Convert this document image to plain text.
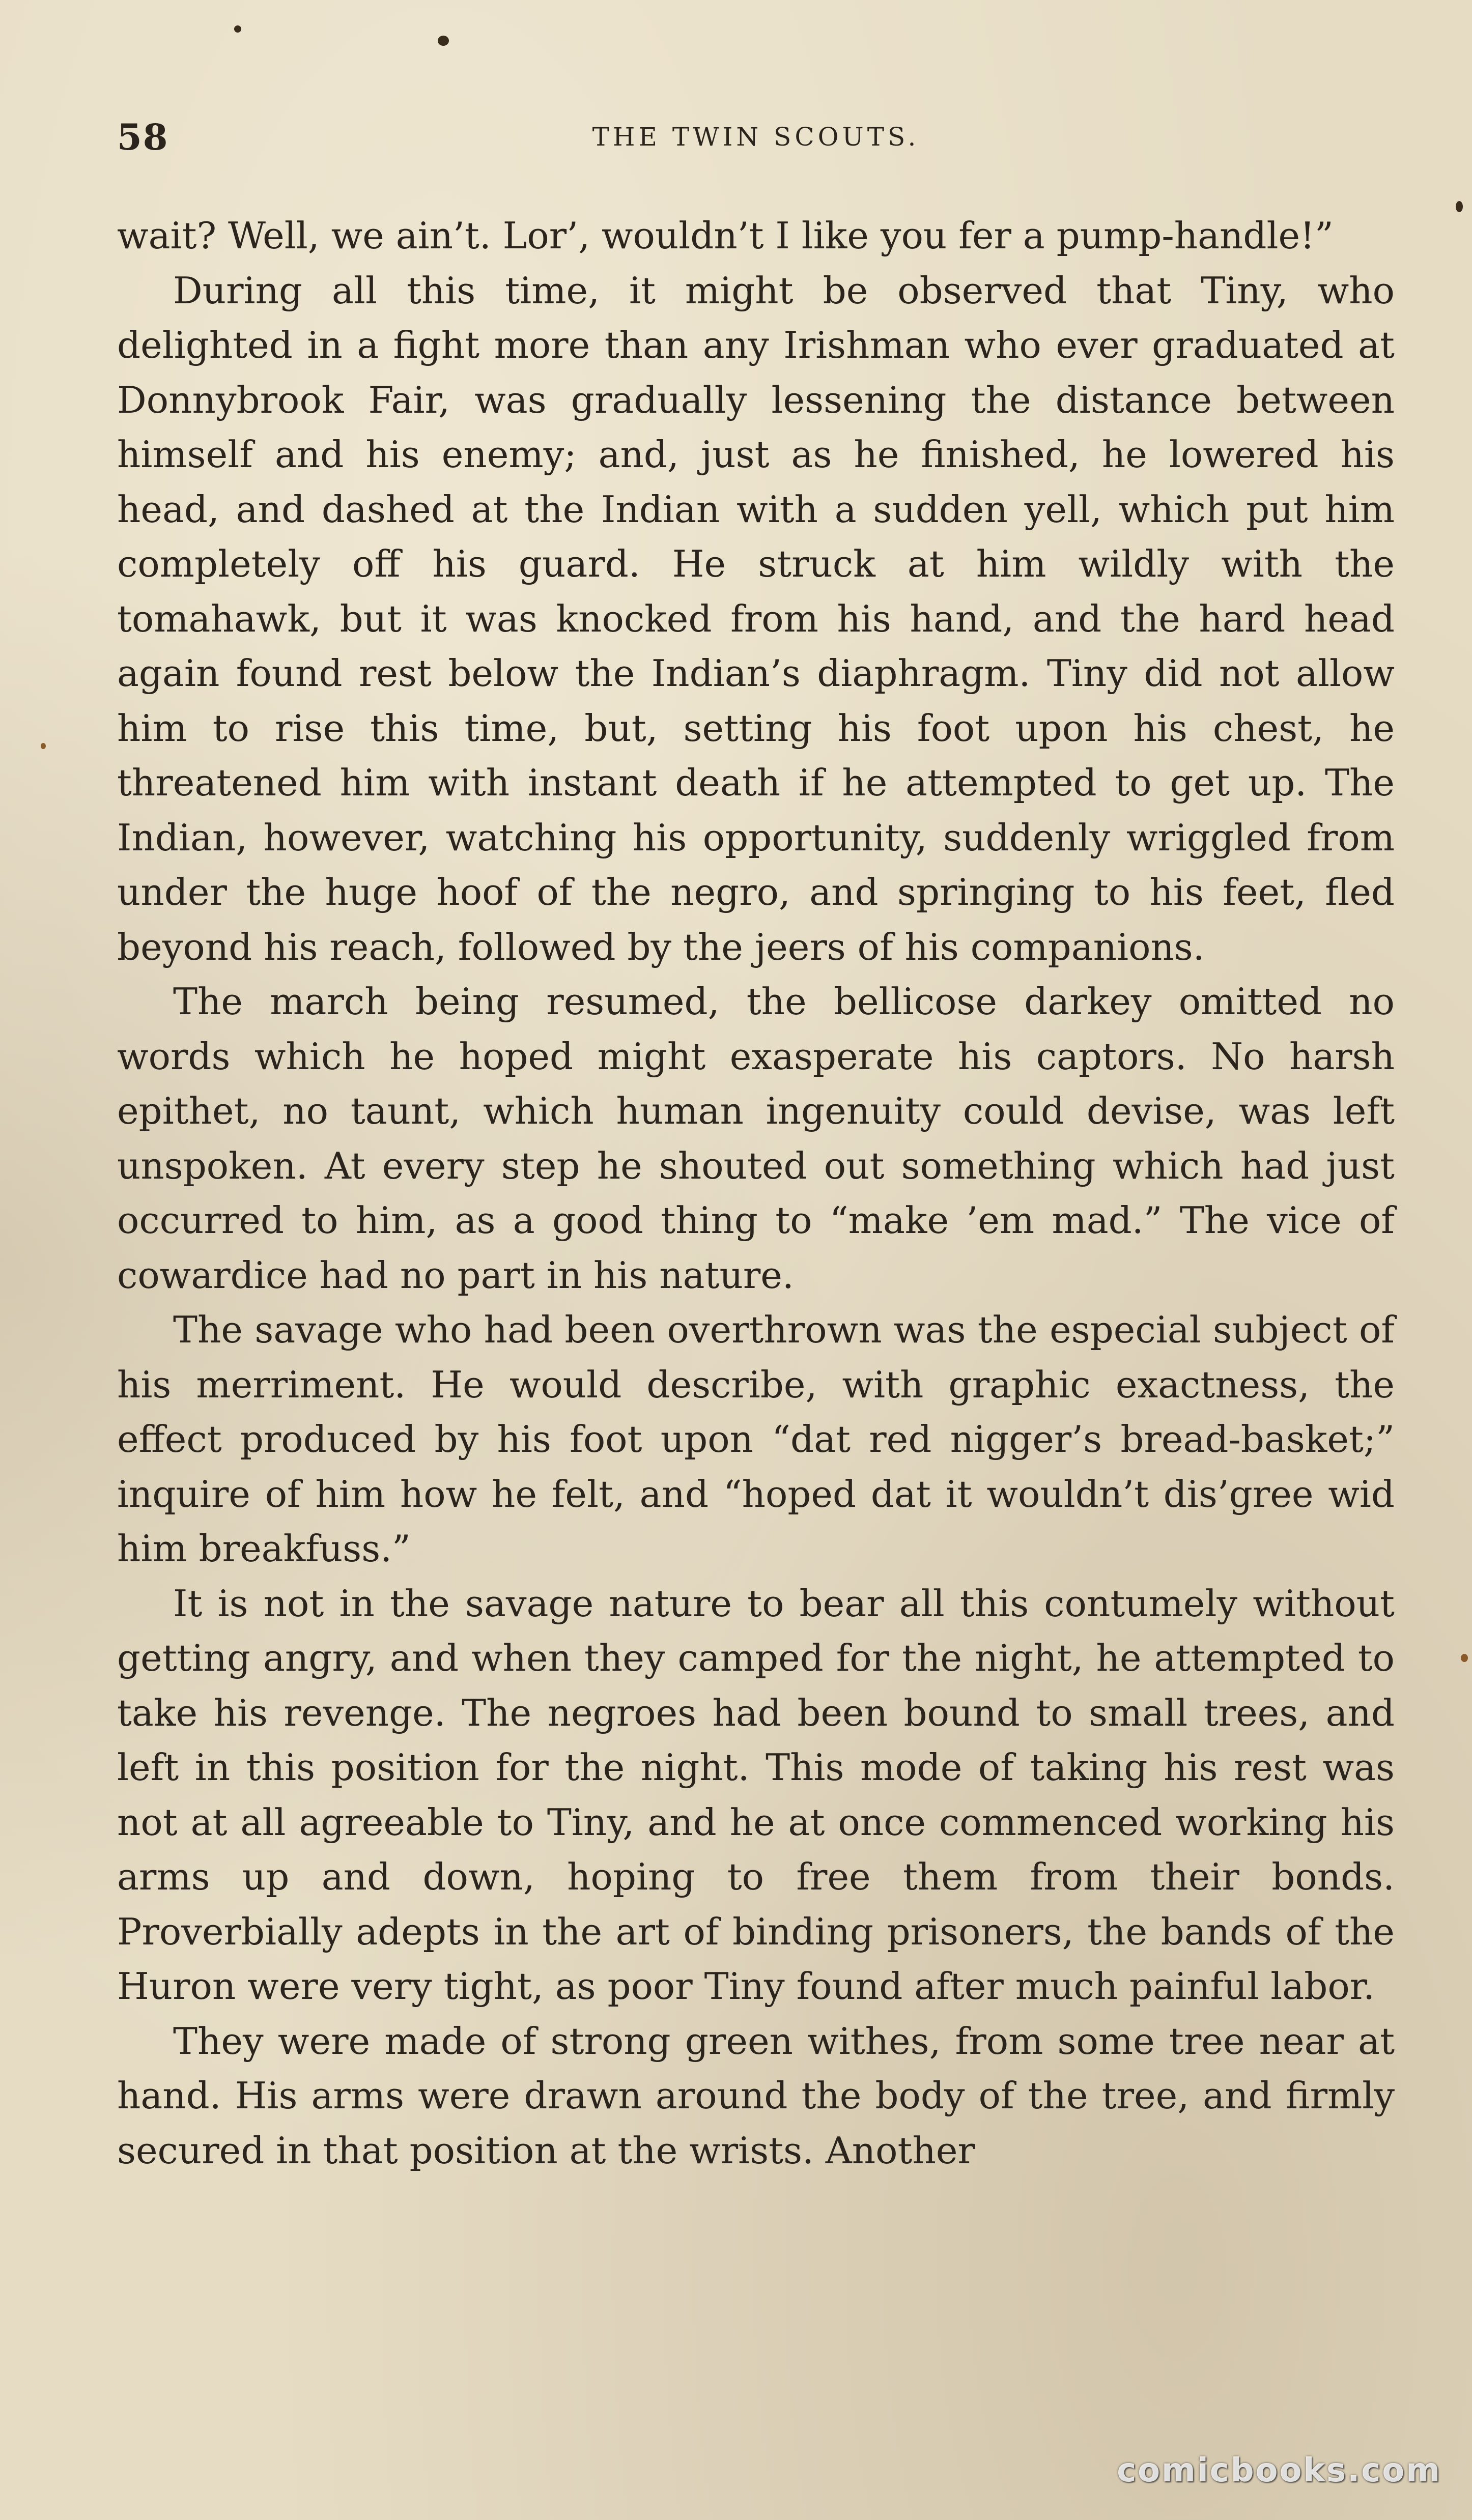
58	THE TWIN SCOUTS.

wait? Well, we ain’t. Lor’, wouldn’t I like you fer a pump-handle!”

During all this time, it might be observed that Tiny, who delighted in a fight more than any Irishman who ever graduated at Donnybrook Fair, was gradually lessening the distance between himself and his enemy; and, just as he finished, he lowered his head, and dashed at the Indian with a sudden yell, which put him completely off his guard. He struck at him wildly with the tomahawk, but it was knocked from his hand, and the hard head again found rest below the Indian’s diaphragm. Tiny did not allow him to rise this time, but, setting his foot upon his chest, he threatened him with instant death if he attempted to get up. The Indian, however, watching his opportunity, suddenly wriggled from under the huge hoof of the negro, and springing to his feet, fled beyond his reach, followed by the jeers of his companions.

The march being resumed, the bellicose darkey omitted no words which he hoped might exasperate his captors. No harsh epithet, no taunt, which human ingenuity could devise, was left unspoken. At every step he shouted out something which had just occurred to him, as a good thing to “make ’em mad.” The vice of cowardice had no part in his nature.

The savage who had been overthrown was the especial subject of his merriment. He would describe, with graphic exactness, the effect produced by his foot upon “dat red nigger’s bread-basket;” inquire of him how he felt, and “hoped dat it wouldn’t dis’gree wid him breakfuss.”

It is not in the savage nature to bear all this contumely without getting angry, and when they camped for the night, he attempted to take his revenge. The negroes had been bound to small trees, and left in this position for the night. This mode of taking his rest was not at all agreeable to Tiny, and he at once commenced working his arms up and down, hoping to free them from their bonds. Proverbially adepts in the art of binding prisoners, the bands of the Huron were very tight, as poor Tiny found after much painful labor.

They were made of strong green withes, from some tree near at hand. His arms were drawn around the body of the tree, and firmly secured in that position at the wrists. Another

comicbooks.com
